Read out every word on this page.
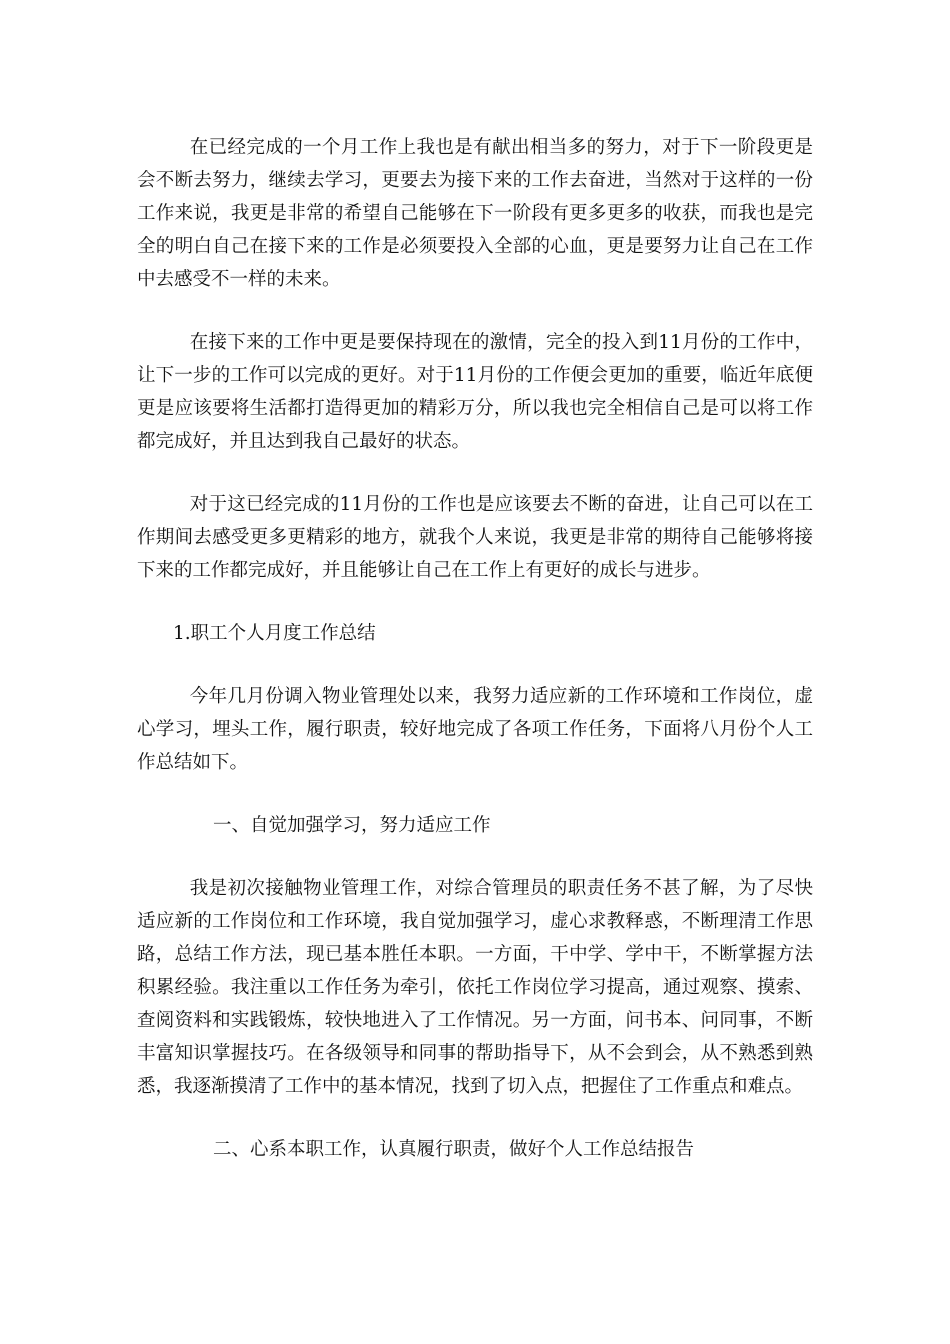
在已经完成的一个月工作上我也是有献出相当多的努力，对于下一阶段更是会不断去努力，继续去学习，更要去为接下来的工作去奋进，当然对于这样的一份工作来说，我更是非常的希望自己能够在下一阶段有更多更多的收获，而我也是完全的明白自己在接下来的工作是必须要投入全部的心血，更是要努力让自己在工作中去感受不一样的未来。

在接下来的工作中更是要保持现在的激情，完全的投入到11月份的工作中，让下一步的工作可以完成的更好。对于11月份的工作便会更加的重要，临近年底便更是应该要将生活都打造得更加的精彩万分，所以我也完全相信自己是可以将工作都完成好，并且达到我自己最好的状态。

对于这已经完成的11月份的工作也是应该要去不断的奋进，让自己可以在工作期间去感受更多更精彩的地方，就我个人来说，我更是非常的期待自己能够将接下来的工作都完成好，并且能够让自己在工作上有更好的成长与进步。

1.职工个人月度工作总结

今年几月份调入物业管理处以来，我努力适应新的工作环境和工作岗位，虚心学习，埋头工作，履行职责，较好地完成了各项工作任务，下面将八月份个人工作总结如下。

一、自觉加强学习，努力适应工作

我是初次接触物业管理工作，对综合管理员的职责任务不甚了解，为了尽快适应新的工作岗位和工作环境，我自觉加强学习，虚心求教释惑，不断理清工作思路，总结工作方法，现已基本胜任本职。一方面，干中学、学中干，不断掌握方法积累经验。我注重以工作任务为牵引，依托工作岗位学习提高，通过观察、摸索、查阅资料和实践锻炼，较快地进入了工作情况。另一方面，问书本、问同事，不断丰富知识掌握技巧。在各级领导和同事的帮助指导下，从不会到会，从不熟悉到熟悉，我逐渐摸清了工作中的基本情况，找到了切入点，把握住了工作重点和难点。

二、心系本职工作，认真履行职责，做好个人工作总结报告
